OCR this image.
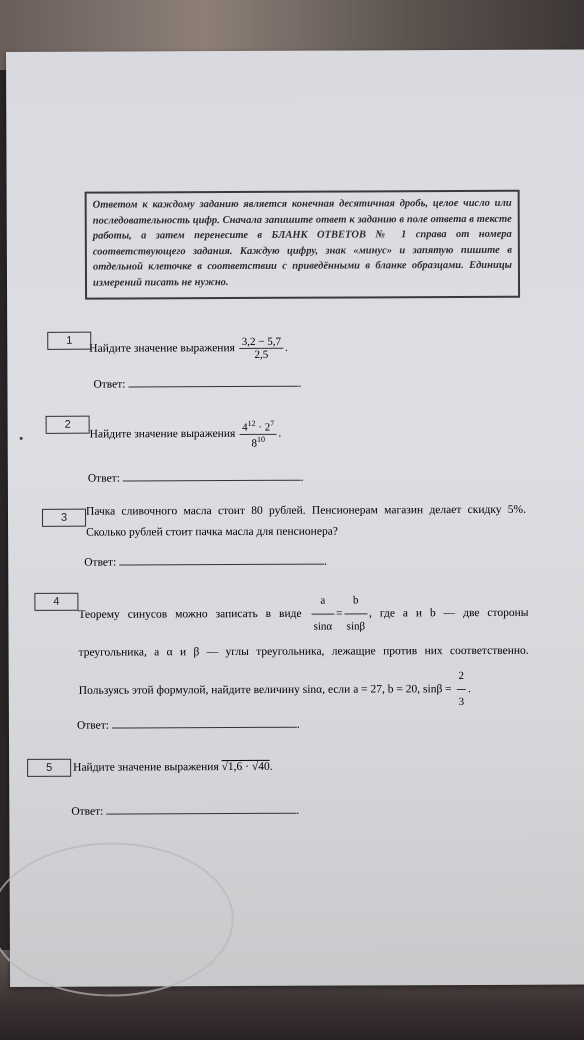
Ответом к каждому заданию является конечная десятичная дробь, целое число или последовательность цифр. Сначала запишите ответ к заданию в поле ответа в тексте работы, а затем перенесите в БЛАНК ОТВЕТОВ № 1 справа от номера соответствующего задания. Каждую цифру, знак «минус» и запятую пишите в отдельной клеточке в соответствии с приведёнными в бланке образцами. Единицы измерений писать не нужно.
1
Найдите значение выражения $\frac{3,2 - 5,7}{2,5}$ .
Ответ:	.
2
Найдите значение выражения $\frac{4^{12} \cdot 2^7}{8^{10}}$ .
Ответ:	.
3
Пачка сливочного масла стоит 80 рублей. Пенсионерам магазин делает скидку 5%. Сколько рублей стоит пачка масла для пенсионера?
Ответ:	.
4
Теорему синусов можно записать в виде $\frac{a}{\sin\alpha} = \frac{b}{\sin\beta}$ , где a и b — две стороны треугольника, а α и β — углы треугольника, лежащие против них соответственно. Пользуясь этой формулой, найдите величину sinα, если a = 27, b = 20, $\sin\beta = \frac{2}{3}$ .
Ответ:	.
5	Найдите значение выражения √1,6 · √40.
Ответ:	.
